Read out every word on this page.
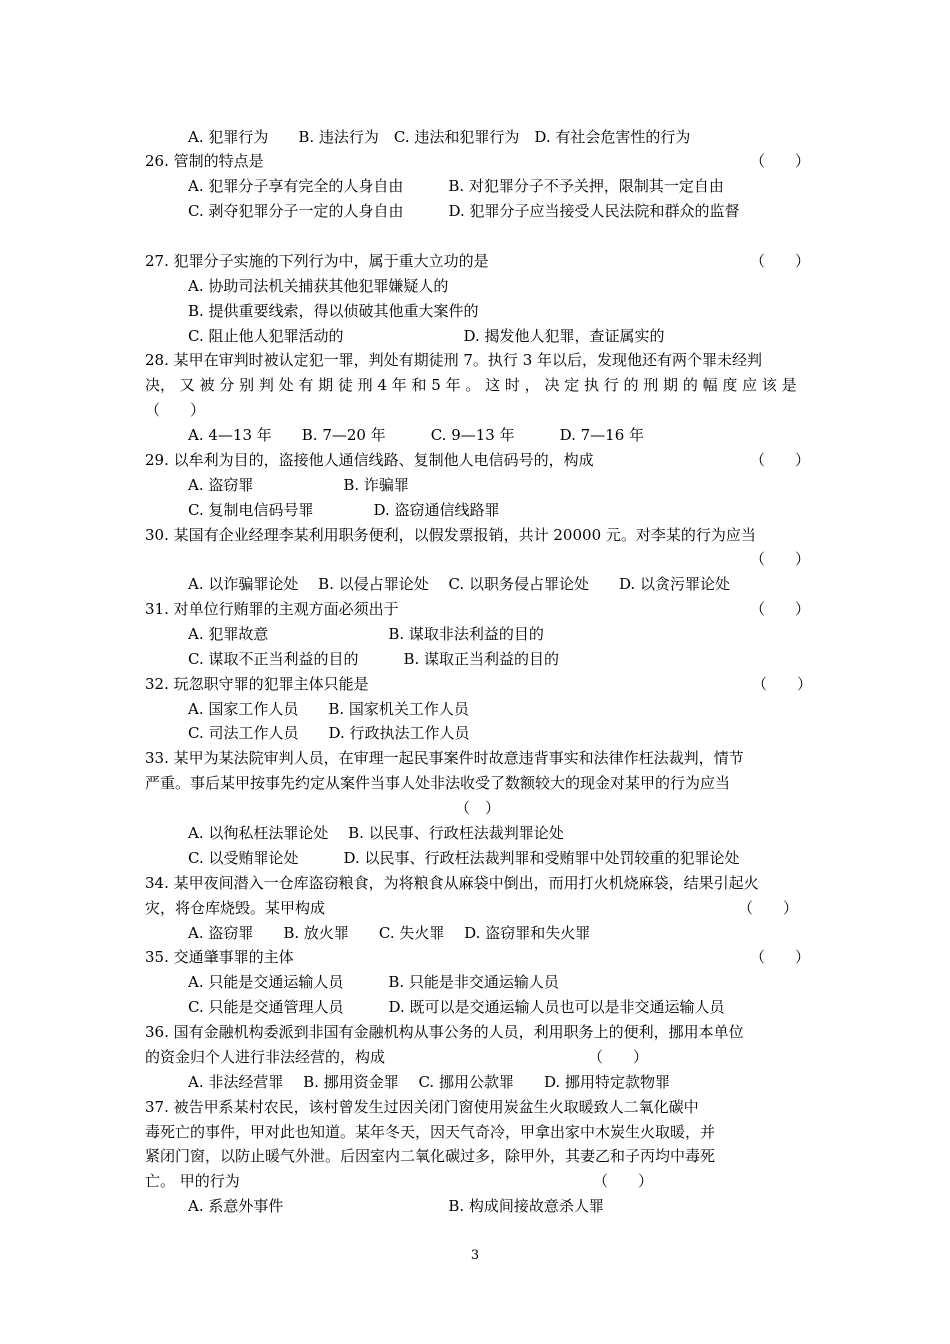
A. 犯罪行为　　B. 违法行为　C. 违法和犯罪行为　D. 有社会危害性的行为
26. 管制的特点是	（　　）
A. 犯罪分子享有完全的人身自由　　　B. 对犯罪分子不予关押，限制其一定自由
C. 剥夺犯罪分子一定的人身自由　　　D. 犯罪分子应当接受人民法院和群众的监督
27. 犯罪分子实施的下列行为中，属于重大立功的是	（　　）
A. 协助司法机关捕获其他犯罪嫌疑人的
B. 提供重要线索，得以侦破其他重大案件的
C. 阻止他人犯罪活动的　　　　　　　　D. 揭发他人犯罪，查证属实的
28. 某甲在审判时被认定犯一罪，判处有期徒刑 7。执行 3 年以后，发现他还有两个罪未经判
决， 又 被 分 别 判 处 有 期 徒 刑 4 年 和 5 年 。 这 时 ， 决 定 执 行 的 刑 期 的 幅 度 应 该 是
（　　）
A. 4—13 年　　B. 7—20 年　　　C. 9—13 年　　　D. 7—16 年
29. 以牟利为目的，盗接他人通信线路、复制他人电信码号的，构成	（　　）
A. 盗窃罪　　　　　　B. 诈骗罪
C. 复制电信码号罪　　　　D. 盗窃通信线路罪
30. 某国有企业经理李某利用职务便利，以假发票报销，共计 20000 元。对李某的行为应当
（　　）
A. 以诈骗罪论处　 B. 以侵占罪论处　 C. 以职务侵占罪论处　　D. 以贪污罪论处
31. 对单位行贿罪的主观方面必须出于	（　　）
A. 犯罪故意　　　　　　　　B. 谋取非法利益的目的
C. 谋取不正当利益的目的　　　B. 谋取正当利益的目的
32. 玩忽职守罪的犯罪主体只能是	（　　）
A. 国家工作人员　　B. 国家机关工作人员
C. 司法工作人员　　D. 行政执法工作人员
33. 某甲为某法院审判人员，在审理一起民事案件时故意违背事实和法律作枉法裁判，情节
严重。事后某甲按事先约定从案件当事人处非法收受了数额较大的现金对某甲的行为应当
（　）
A. 以徇私枉法罪论处　 B. 以民事、行政枉法裁判罪论处
C. 以受贿罪论处　　　D. 以民事、行政枉法裁判罪和受贿罪中处罚较重的犯罪论处
34. 某甲夜间潜入一仓库盗窃粮食，为将粮食从麻袋中倒出，而用打火机烧麻袋，结果引起火
灾，将仓库烧毁。某甲构成	（　　）
A. 盗窃罪　　B. 放火罪　　C. 失火罪　 D. 盗窃罪和失火罪
35. 交通肇事罪的主体	（　　）
A. 只能是交通运输人员　　　B. 只能是非交通运输人员
C. 只能是交通管理人员　　　D. 既可以是交通运输人员也可以是非交通运输人员
36. 国有金融机构委派到非国有金融机构从事公务的人员，利用职务上的便利，挪用本单位
的资金归个人进行非法经营的，构成	（　　）
A. 非法经营罪　 B. 挪用资金罪　 C. 挪用公款罪　　D. 挪用特定款物罪
37. 被告甲系某村农民，该村曾发生过因关闭门窗使用炭盆生火取暖致人二氧化碳中
毒死亡的事件，甲对此也知道。某年冬天，因天气奇冷，甲拿出家中木炭生火取暖，并
紧闭门窗，以防止暖气外泄。后因室内二氧化碳过多，除甲外，其妻乙和子丙均中毒死
亡。 甲的行为	（　　）
A. 系意外事件　　　　　　　　　　　B. 构成间接故意杀人罪
3
